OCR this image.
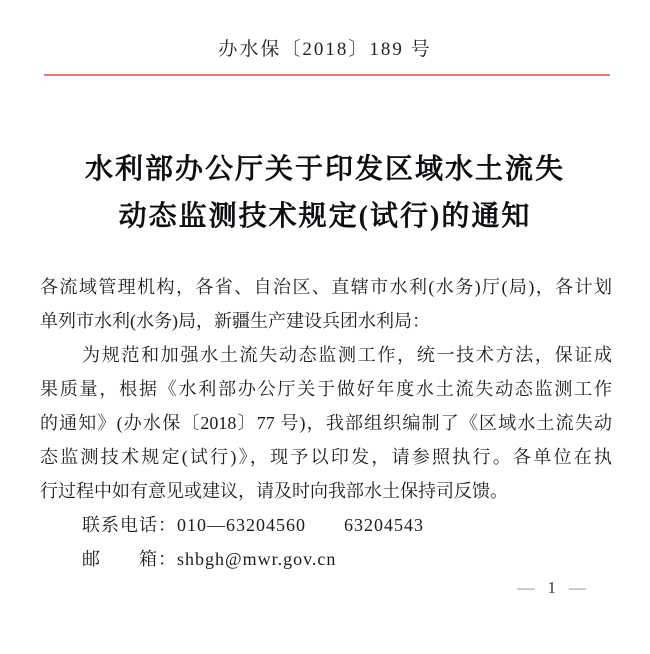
办水保〔2018〕189 号
水利部办公厅关于印发区域水土流失
动态监测技术规定(试行)的通知
各流域管理机构，各省、自治区、直辖市水利(水务)厅(局)，各计划
单列市水利(水务)局，新疆生产建设兵团水利局：
为规范和加强水土流失动态监测工作，统一技术方法，保证成
果质量，根据《水利部办公厅关于做好年度水土流失动态监测工作
的通知》(办水保〔2018〕77 号)，我部组织编制了《区域水土流失动
态监测技术规定(试行)》，现予以印发，请参照执行。各单位在执
行过程中如有意见或建议，请及时向我部水土保持司反馈。
联系电话：010—63204560　　63204543
邮　　箱：shbgh@mwr.gov.cn
— 1 —
